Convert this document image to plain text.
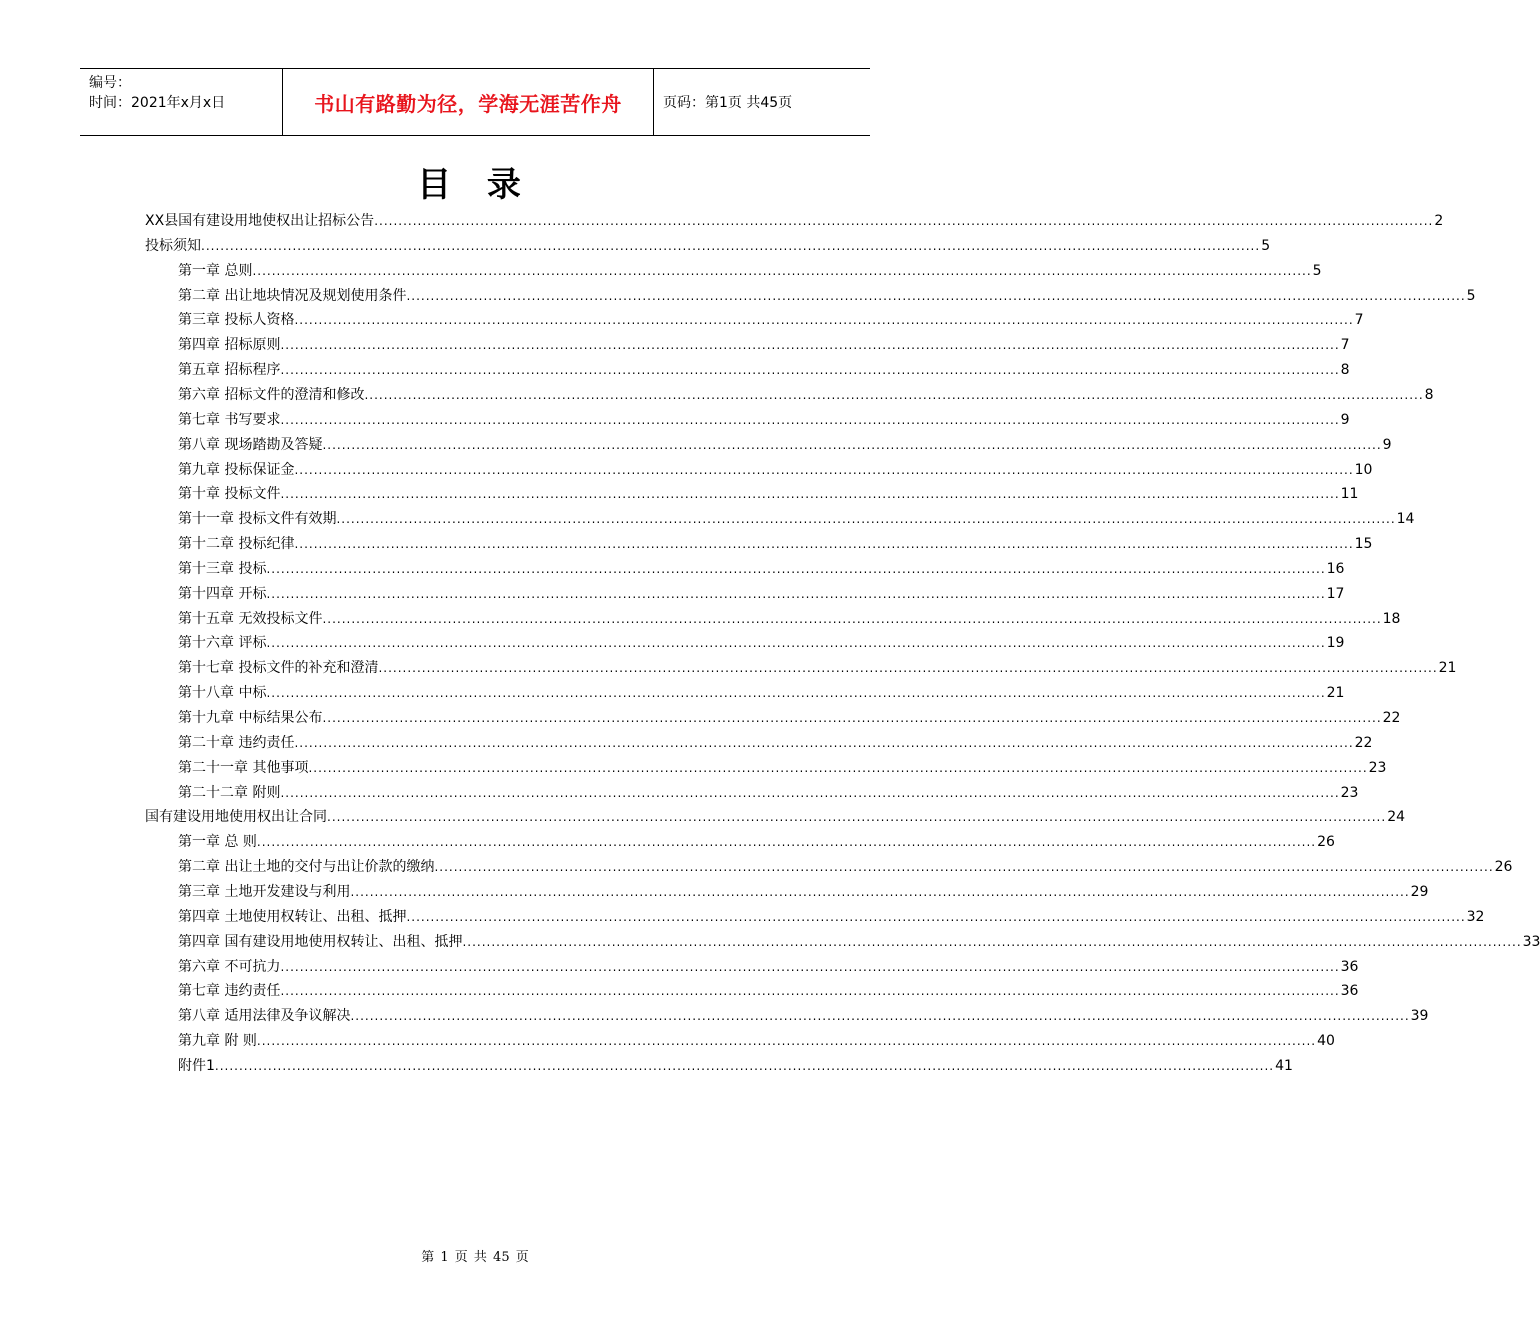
编号：
时间：2021年x月x日	书山有路勤为径，学海无涯苦作舟	页码：第1页 共45页
目 录
XX县国有建设用地使权出让招标公告 ............................................................................................................................................................................................................................ 2
投标须知 ............................................................................................................................................................................................................................ 5
第一章 总则 ............................................................................................................................................................................................................................ 5
第二章 出让地块情况及规划使用条件 ............................................................................................................................................................................................................................ 5
第三章 投标人资格 ............................................................................................................................................................................................................................ 7
第四章 招标原则 ............................................................................................................................................................................................................................ 7
第五章 招标程序 ............................................................................................................................................................................................................................ 8
第六章 招标文件的澄清和修改 ............................................................................................................................................................................................................................ 8
第七章 书写要求 ............................................................................................................................................................................................................................ 9
第八章 现场踏勘及答疑 ............................................................................................................................................................................................................................ 9
第九章 投标保证金 ............................................................................................................................................................................................................................ 10
第十章 投标文件 ............................................................................................................................................................................................................................ 11
第十一章 投标文件有效期 ............................................................................................................................................................................................................................ 14
第十二章 投标纪律 ............................................................................................................................................................................................................................ 15
第十三章 投标 ............................................................................................................................................................................................................................ 16
第十四章 开标 ............................................................................................................................................................................................................................ 17
第十五章 无效投标文件 ............................................................................................................................................................................................................................ 18
第十六章 评标 ............................................................................................................................................................................................................................ 19
第十七章 投标文件的补充和澄清 ............................................................................................................................................................................................................................ 21
第十八章 中标 ............................................................................................................................................................................................................................ 21
第十九章 中标结果公布 ............................................................................................................................................................................................................................ 22
第二十章 违约责任 ............................................................................................................................................................................................................................ 22
第二十一章 其他事项 ............................................................................................................................................................................................................................ 23
第二十二章 附则 ............................................................................................................................................................................................................................ 23
国有建设用地使用权出让合同 ............................................................................................................................................................................................................................ 24
第一章 总 则 ............................................................................................................................................................................................................................ 26
第二章 出让土地的交付与出让价款的缴纳 ............................................................................................................................................................................................................................ 26
第三章 土地开发建设与利用 ............................................................................................................................................................................................................................ 29
第四章 土地使用权转让、出租、抵押 ............................................................................................................................................................................................................................ 32
第四章 国有建设用地使用权转让、出租、抵押 ............................................................................................................................................................................................................................ 33
第六章 不可抗力 ............................................................................................................................................................................................................................ 36
第七章 违约责任 ............................................................................................................................................................................................................................ 36
第八章 适用法律及争议解决 ............................................................................................................................................................................................................................ 39
第九章 附 则 ............................................................................................................................................................................................................................ 40
附件1 ............................................................................................................................................................................................................................ 41
第 1 页 共 45 页
